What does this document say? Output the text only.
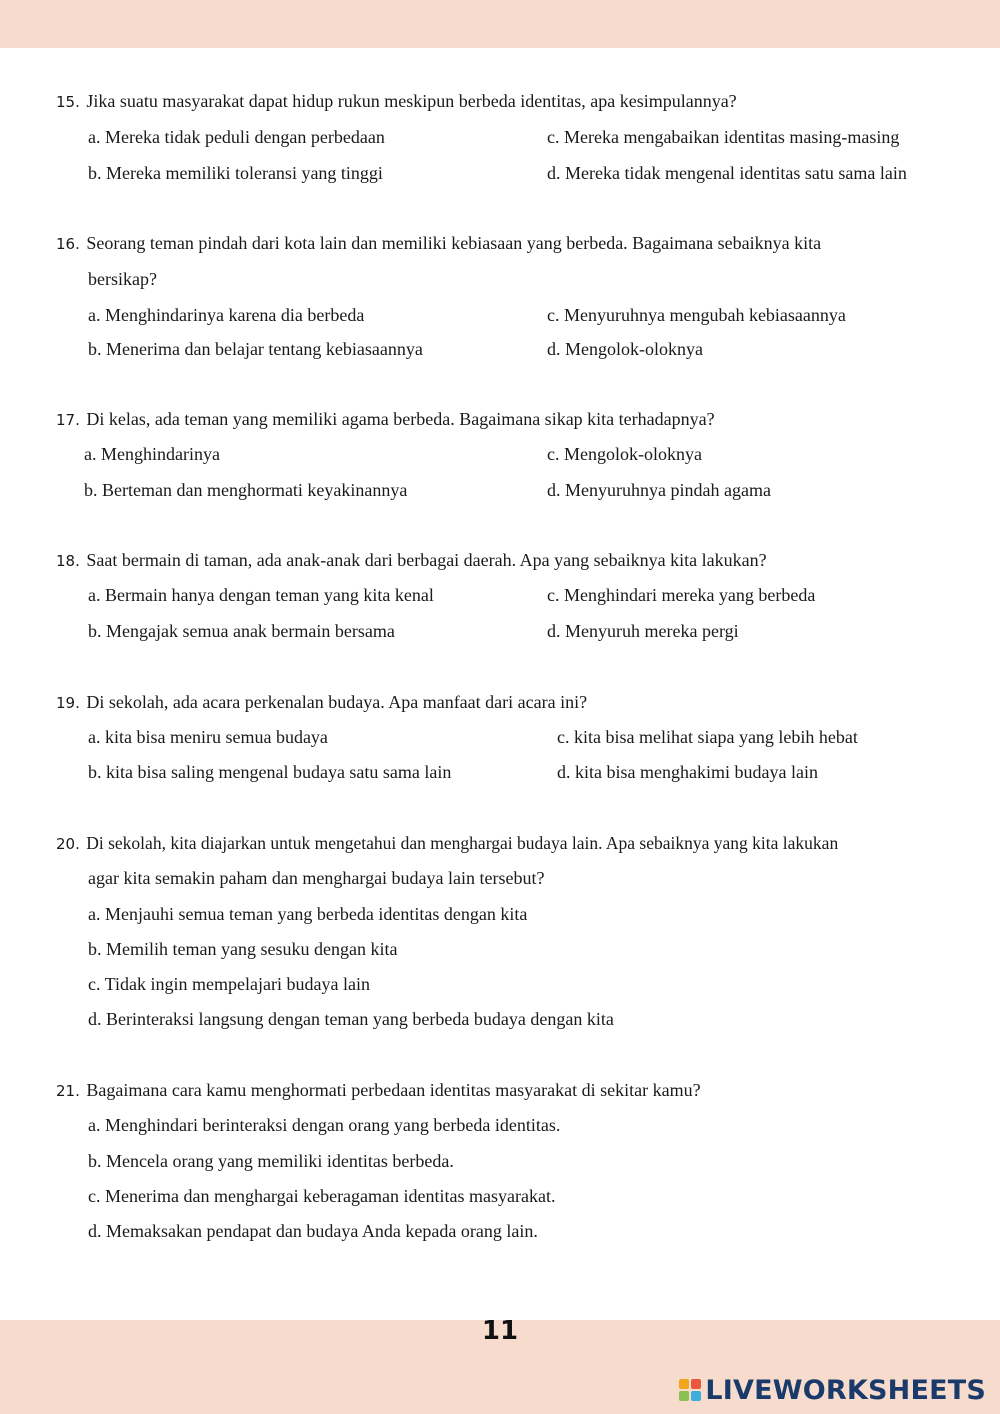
15. Jika suatu masyarakat dapat hidup rukun meskipun berbeda identitas, apa kesimpulannya?
a. Mereka tidak peduli dengan perbedaan	c. Mereka mengabaikan identitas masing-masing
b. Mereka memiliki toleransi yang tinggi	d. Mereka tidak mengenal identitas satu sama lain
16. Seorang teman pindah dari kota lain dan memiliki kebiasaan yang berbeda. Bagaimana sebaiknya kita
bersikap?
a. Menghindarinya karena dia berbeda	c. Menyuruhnya mengubah kebiasaannya
b. Menerima dan belajar tentang kebiasaannya	d. Mengolok-oloknya
17. Di kelas, ada teman yang memiliki agama berbeda. Bagaimana sikap kita terhadapnya?
a. Menghindarinya	c. Mengolok-oloknya
b. Berteman dan menghormati keyakinannya	d. Menyuruhnya pindah agama
18. Saat bermain di taman, ada anak-anak dari berbagai daerah. Apa yang sebaiknya kita lakukan?
a. Bermain hanya dengan teman yang kita kenal	c. Menghindari mereka yang berbeda
b. Mengajak semua anak bermain bersama	d. Menyuruh mereka pergi
19. Di sekolah, ada acara perkenalan budaya. Apa manfaat dari acara ini?
a. kita bisa meniru semua budaya	c. kita bisa melihat siapa yang lebih hebat
b. kita bisa saling mengenal budaya satu sama lain	d. kita bisa menghakimi budaya lain
20. Di sekolah, kita diajarkan untuk mengetahui dan menghargai budaya lain. Apa sebaiknya yang kita lakukan
agar kita semakin paham dan menghargai budaya lain tersebut?
a. Menjauhi semua teman yang berbeda identitas dengan kita
b. Memilih teman yang sesuku dengan kita
c. Tidak ingin mempelajari budaya lain
d. Berinteraksi langsung dengan teman yang berbeda budaya dengan kita
21. Bagaimana cara kamu menghormati perbedaan identitas masyarakat di sekitar kamu?
a. Menghindari berinteraksi dengan orang yang berbeda identitas.
b. Mencela orang yang memiliki identitas berbeda.
c. Menerima dan menghargai keberagaman identitas masyarakat.
d. Memaksakan pendapat dan budaya Anda kepada orang lain.
11
LIVEWORKSHEETS
